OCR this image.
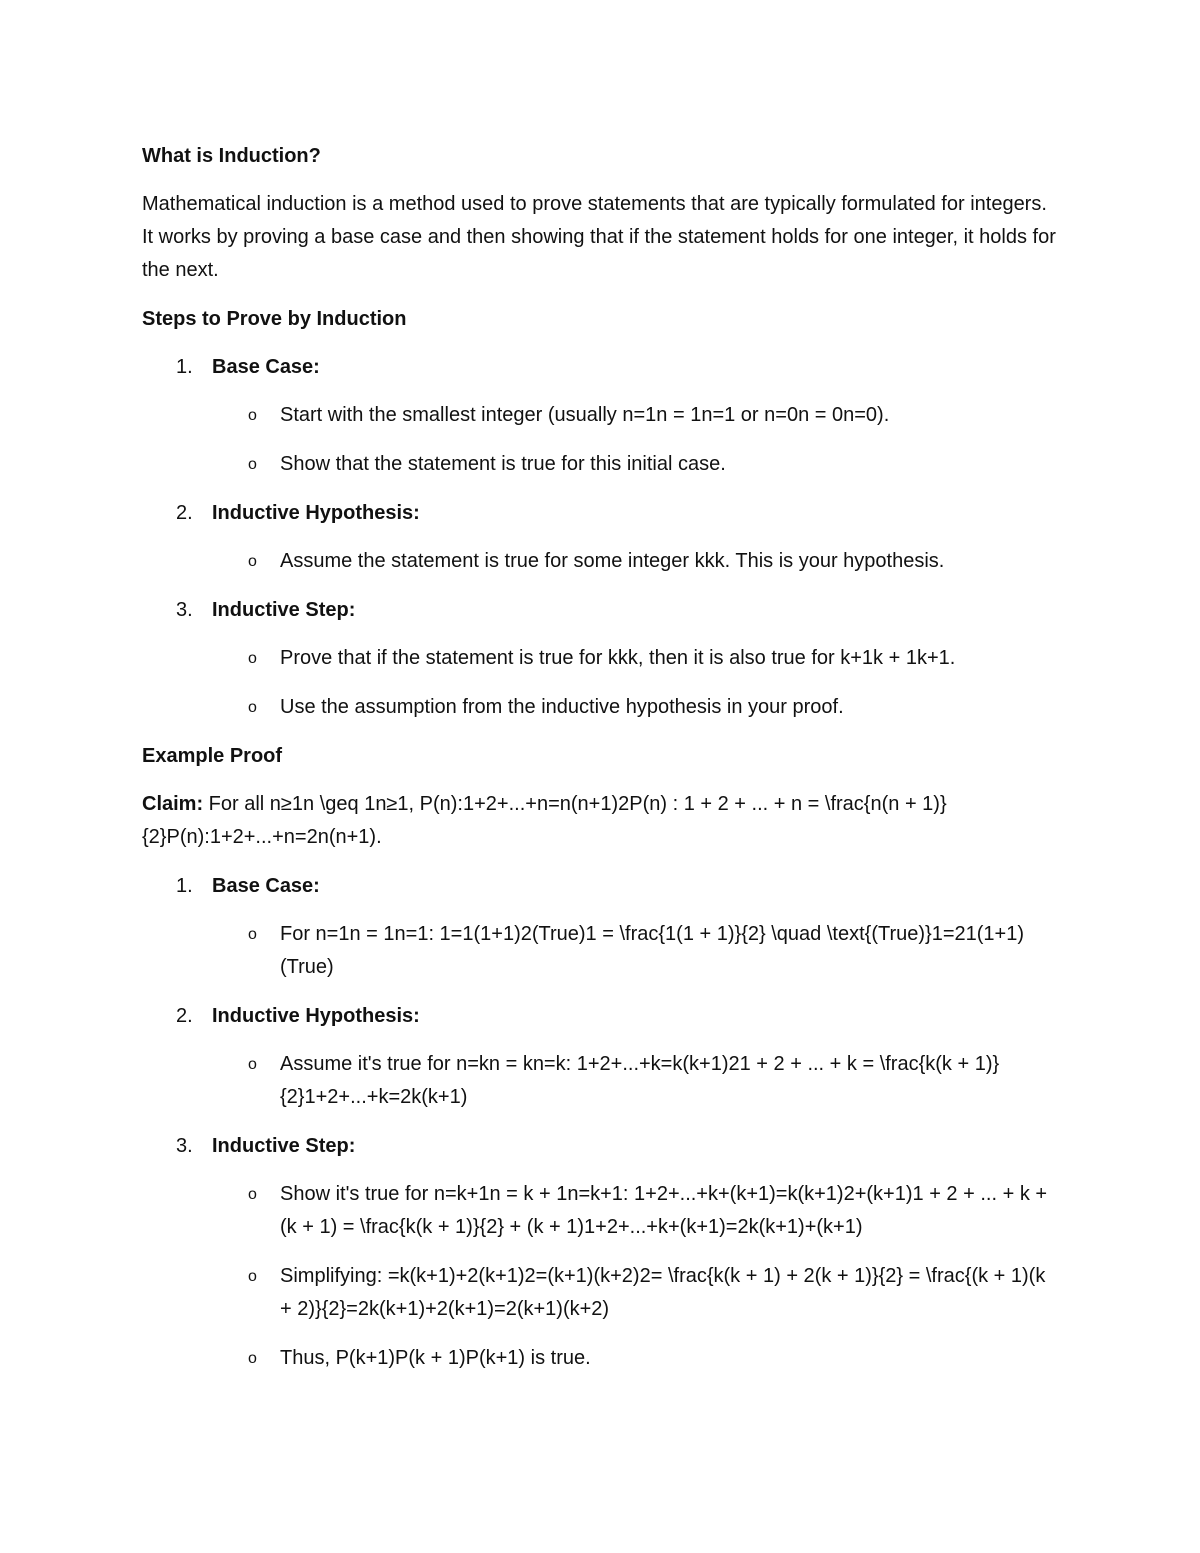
What is Induction?
Mathematical induction is a method used to prove statements that are typically formulated for integers. It works by proving a base case and then showing that if the statement holds for one integer, it holds for the next.
Steps to Prove by Induction
1. Base Case:
o	Start with the smallest integer (usually n=1n = 1n=1 or n=0n = 0n=0).
o	Show that the statement is true for this initial case.
2. Inductive Hypothesis:
o	Assume the statement is true for some integer kkk. This is your hypothesis.
3. Inductive Step:
o	Prove that if the statement is true for kkk, then it is also true for k+1k + 1k+1.
o	Use the assumption from the inductive hypothesis in your proof.
Example Proof
Claim: For all n≥1n \geq 1n≥1, P(n):1+2+...+n=n(n+1)2P(n) : 1 + 2 + ... + n = \frac{n(n + 1)}{2}P(n):1+2+...+n=2n(n+1).
1. Base Case:
o	For n=1n = 1n=1: 1=1(1+1)2(True)1 = \frac{1(1 + 1)}{2} \quad \text{(True)}1=21(1+1)(True)
2. Inductive Hypothesis:
o	Assume it's true for n=kn = kn=k: 1+2+...+k=k(k+1)21 + 2 + ... + k = \frac{k(k + 1)}{2}1+2+...+k=2k(k+1)
3. Inductive Step:
o	Show it's true for n=k+1n = k + 1n=k+1: 1+2+...+k+(k+1)=k(k+1)2+(k+1)1 + 2 + ... + k + (k + 1) = \frac{k(k + 1)}{2} + (k + 1)1+2+...+k+(k+1)=2k(k+1)+(k+1)
o	Simplifying: =k(k+1)+2(k+1)2=(k+1)(k+2)2= \frac{k(k + 1) + 2(k + 1)}{2} = \frac{(k + 1)(k + 2)}{2}=2k(k+1)+2(k+1)=2(k+1)(k+2)
o	Thus, P(k+1)P(k + 1)P(k+1) is true.
